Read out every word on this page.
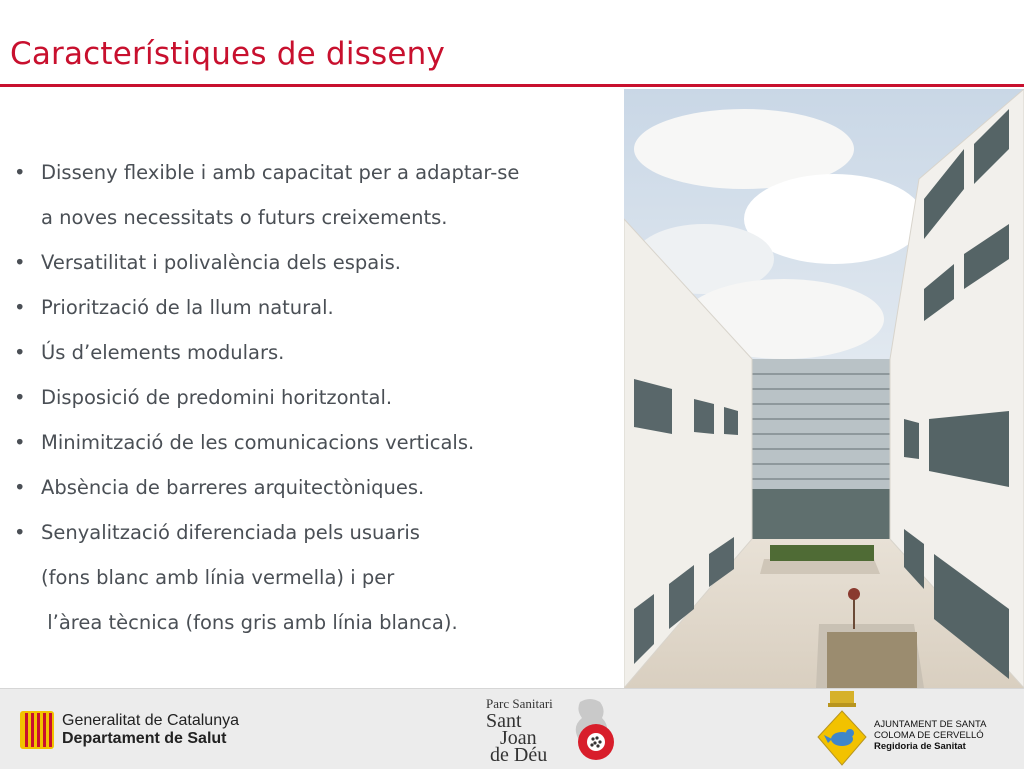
Característiques de disseny
• Disseny flexible i amb capacitat per a adaptar-se
a noves necessitats o futurs creixements.
• Versatilitat i polivalència dels espais.
• Priorització de la llum natural.
• Ús d’elements modulars.
• Disposició de predomini horitzontal.
• Minimització de les comunicacions verticals.
• Absència de barreres arquitectòniques.
• Senyalització diferenciada pels usuaris
(fons blanc amb línia vermella) i per
l’àrea tècnica (fons gris amb línia blanca).
Generalitat de Catalunya
Departament de Salut
Parc Sanitari
Sant
Joan
de Déu
AJUNTAMENT DE SANTA
COLOMA DE CERVELLÓ
Regidoria de Sanitat
